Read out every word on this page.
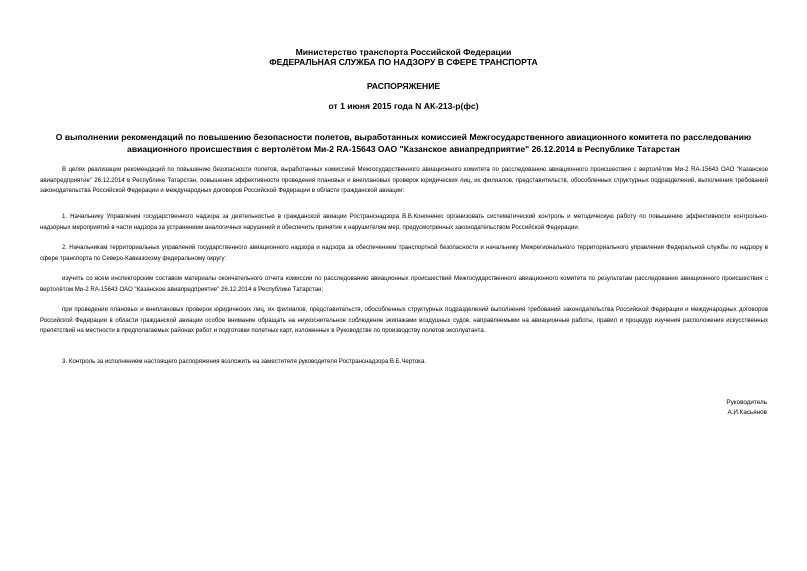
Министерство транспорта Российской Федерации
ФЕДЕРАЛЬНАЯ СЛУЖБА ПО НАДЗОРУ В СФЕРЕ ТРАНСПОРТА
РАСПОРЯЖЕНИЕ
от 1 июня 2015 года N АК-213-р(фс)
О выполнении рекомендаций по повышению безопасности полетов, выработанных комиссией Межгосударственного авиационного комитета по расследованию
авиационного происшествия с вертолётом Ми-2 RA-15643 ОАО "Казанское авиапредприятие" 26.12.2014 в Республике Татарстан

В целях реализации рекомендаций по повышению безопасности полетов, выработанных комиссией Межгосударственного авиационного комитета по расследованию авиационного происшествия с вертолётом Ми-2 RA-15643 ОАО "Казанское авиапредприятие" 26.12.2014 в Республике Татарстан, повышения эффективности проведения плановых и внеплановых проверок юридических лиц, их филиалов, представительств, обособленных структурных подразделений, выполнения требований законодательства Российской Федерации и международных договоров Российской Федерации в области гражданской авиации:

1. Начальнику Управления государственного надзора за деятельностью в гражданской авиации Ространснадзора В.В.Кононенко организовать систематический контроль и методическую работу по повышению эффективности контрольно-надзорных мероприятий в части надзора за устранением аналогичных нарушений и обеспечить принятие к нарушителям мер, предусмотренных законодательством Российской Федерации.

2. Начальникам территориальных управлений государственного авиационного надзора и надзора за обеспечением транспортной безопасности и начальнику Межрегионального территориального управления Федеральной службы по надзору в сфере транспорта по Северо-Кавказскому федеральному округу:

изучить со всем инспекторским составом материалы окончательного отчета комиссии по расследованию авиационных происшествий Межгосударственного авиационного комитета по результатам расследования авиационного происшествия с вертолётом Ми-2 RA-15643 ОАО "Казанское авиапредприятие" 26.12.2014 в Республике Татарстан;

при проведении плановых и внеплановых проверок юридических лиц, их филиалов, представительств, обособленных структурных подразделений выполнения требований законодательства Российской Федерации и международных договоров Российской Федерации в области гражданской авиации особое внимание обращать на неукоснительное соблюдение экипажами воздушных судов, направляемыми на авиационные работы, правил и процедур изучения расположения искусственных препятствий на местности в предполагаемых районах работ и подготовки полетных карт, изложенных в Руководстве по производству полетов эксплуатанта.

3. Контроль за исполнением настоящего распоряжения возложить на заместителя руководителя Ространснадзора В.Б.Чертока.

Руководитель
А.И.Касьянов
